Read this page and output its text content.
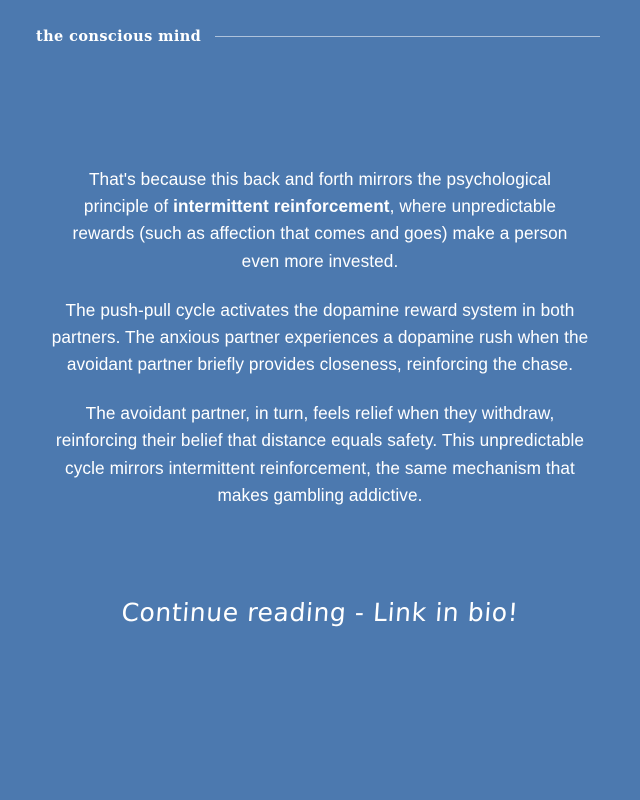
the conscious mind

That's because this back and forth mirrors the psychological principle of intermittent reinforcement, where unpredictable rewards (such as affection that comes and goes) make a person even more invested.

The push-pull cycle activates the dopamine reward system in both partners. The anxious partner experiences a dopamine rush when the avoidant partner briefly provides closeness, reinforcing the chase.

The avoidant partner, in turn, feels relief when they withdraw, reinforcing their belief that distance equals safety. This unpredictable cycle mirrors intermittent reinforcement, the same mechanism that makes gambling addictive.

Continue reading - Link in bio!
